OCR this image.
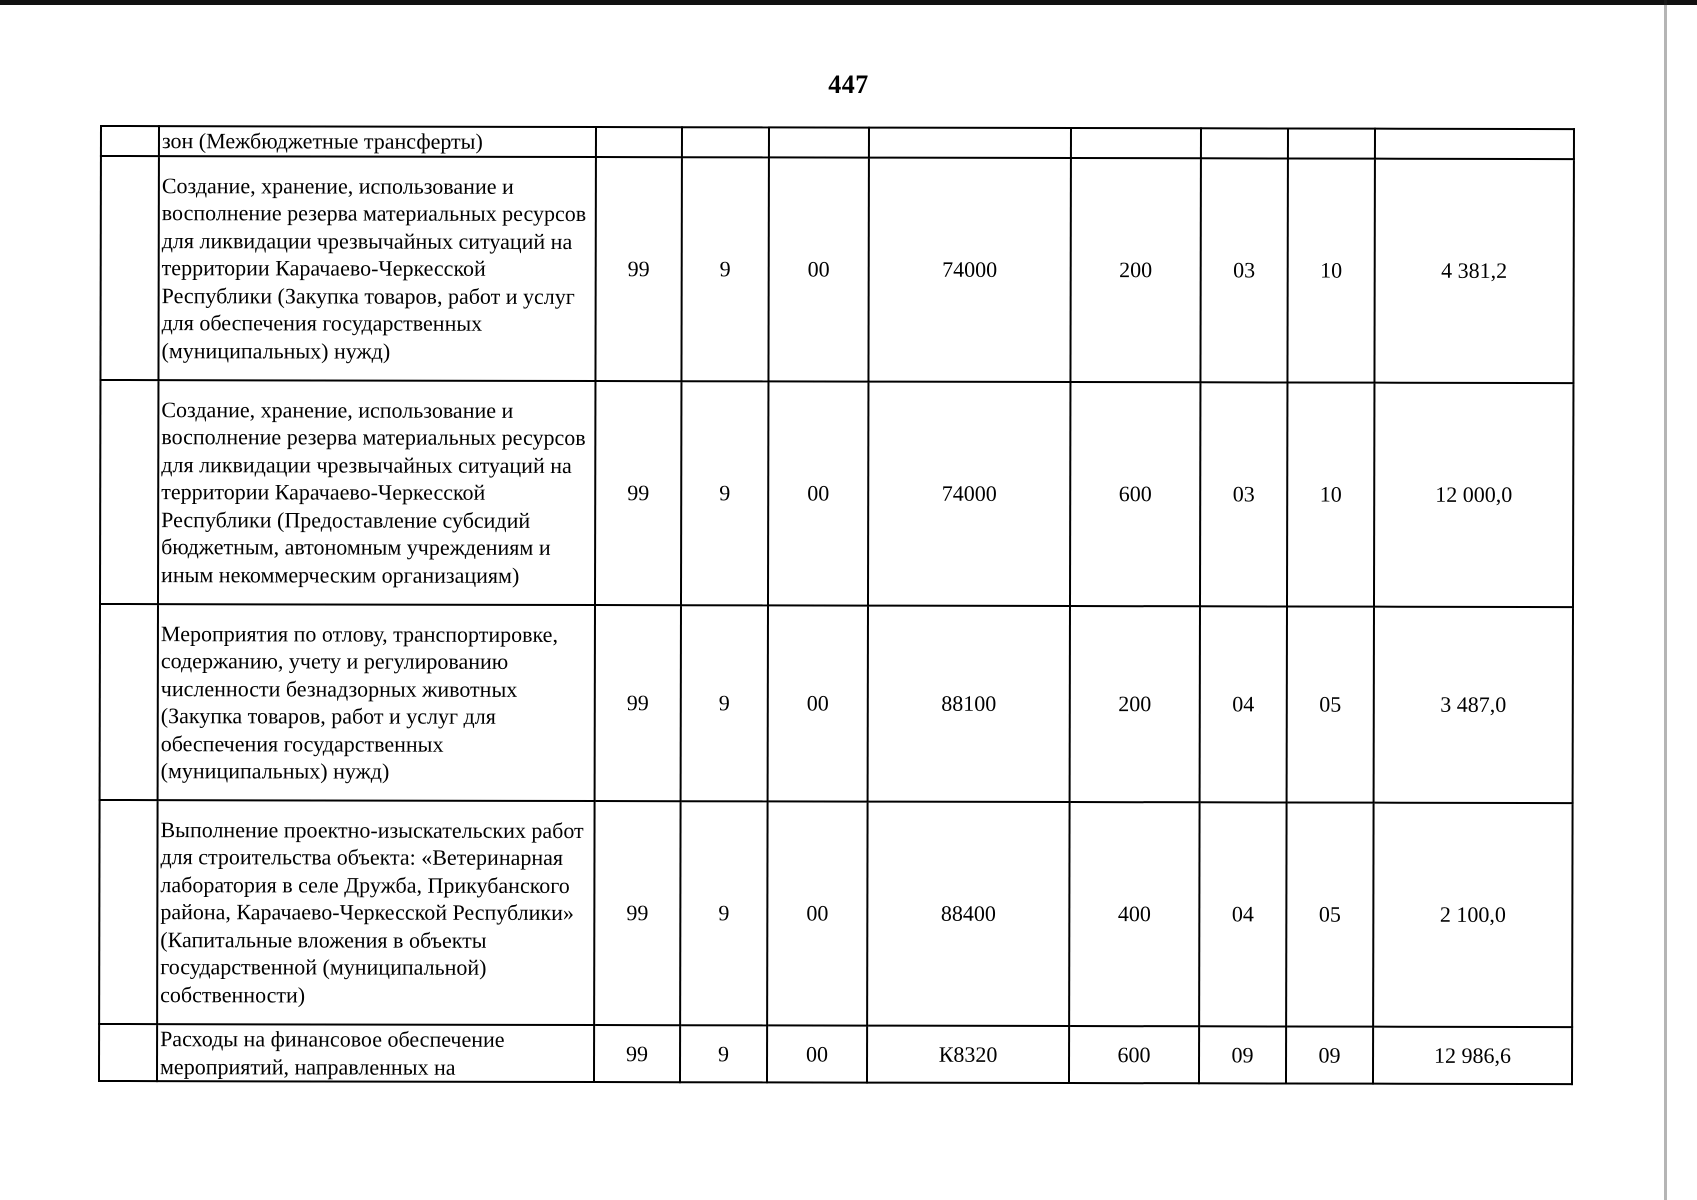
447

	зон (Межбюджетные трансферты)								

	Создание, хранение, использование и восполнение резерва материальных ресурсов для ликвидации чрезвычайных ситуаций на территории Карачаево-Черкесской Республики (Закупка товаров, работ и услуг для обеспечения государственных (муниципальных) нужд)	99	9	00	74000	200	03	10	4 381,2
	Создание, хранение, использование и восполнение резерва материальных ресурсов для ликвидации чрезвычайных ситуаций на территории Карачаево-Черкесской Республики (Предоставление субсидий бюджетным, автономным учреждениям и иным некоммерческим организациям)	99	9	00	74000	600	03	10	12 000,0
	Мероприятия по отлову, транспортировке, содержанию, учету и регулированию численности безнадзорных животных (Закупка товаров, работ и услуг для обеспечения государственных (муниципальных) нужд)	99	9	00	88100	200	04	05	3 487,0
	Выполнение проектно-изыскательских работ для строительства объекта: «Ветеринарная лаборатория в селе Дружба, Прикубанского района, Карачаево-Черкесской Республики» (Капитальные вложения в объекты государственной (муниципальной) собственности)	99	9	00	88400	400	04	05	2 100,0

	Расходы на финансовое обеспечение мероприятий, направленных на	99	9	00	К8320	600	09	09	12 986,6
